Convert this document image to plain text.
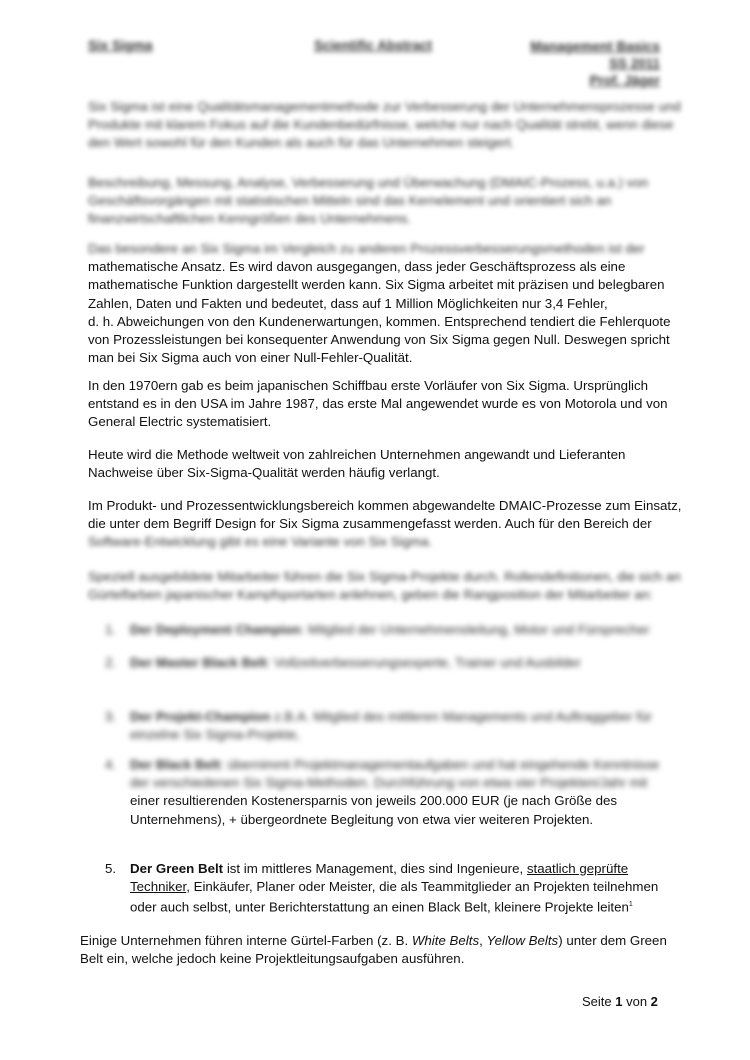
Six Sigma	Scientific Abstract	Management Basics
SS 2011
Prof. Jäger
Six Sigma ist eine Qualitätsmanagementmethode zur Verbesserung der Unternehmensprozesse und
Produkte mit klarem Fokus auf die Kundenbedürfnisse, welche nur nach Qualität strebt, wenn diese
den Wert sowohl für den Kunden als auch für das Unternehmen steigert.
Beschreibung, Messung, Analyse, Verbesserung und Überwachung (DMAIC-Prozess, u.a.) von
Geschäftsvorgängen mit statistischen Mitteln sind das Kernelement und orientiert sich an
finanzwirtschaftlichen Kenngrößen des Unternehmens.
Das besondere an Six Sigma im Vergleich zu anderen Prozessverbesserungsmethoden ist der
mathematische Ansatz. Es wird davon ausgegangen, dass jeder Geschäftsprozess als eine
mathematische Funktion dargestellt werden kann. Six Sigma arbeitet mit präzisen und belegbaren
Zahlen, Daten und Fakten und bedeutet, dass auf 1 Million Möglichkeiten nur 3,4 Fehler,
d. h. Abweichungen von den Kundenerwartungen, kommen. Entsprechend tendiert die Fehlerquote
von Prozessleistungen bei konsequenter Anwendung von Six Sigma gegen Null. Deswegen spricht
man bei Six Sigma auch von einer Null-Fehler-Qualität.
In den 1970ern gab es beim japanischen Schiffbau erste Vorläufer von Six Sigma. Ursprünglich
entstand es in den USA im Jahre 1987, das erste Mal angewendet wurde es von Motorola und von
General Electric systematisiert.
Heute wird die Methode weltweit von zahlreichen Unternehmen angewandt und Lieferanten
Nachweise über Six-Sigma-Qualität werden häufig verlangt.
Im Produkt- und Prozessentwicklungsbereich kommen abgewandelte DMAIC-Prozesse zum Einsatz,
die unter dem Begriff Design for Six Sigma zusammengefasst werden. Auch für den Bereich der
Software-Entwicklung gibt es eine Variante von Six Sigma.
Speziell ausgebildete Mitarbeiter führen die Six Sigma-Projekte durch. Rollendefinitionen, die sich an
Gürtelfarben japanischer Kampfsportarten anlehnen, geben die Rangposition der Mitarbeiter an:
1.	Der Deployment Champion: Mitglied der Unternehmensleitung, Motor und Fürsprecher
2.	Der Master Black Belt: Vollzeitverbesserungsexperte, Trainer und Ausbilder
3.	Der Projekt-Champion z.B.A. Mitglied des mittleren Managements und Auftraggeber für
einzelne Six Sigma-Projekte,
4.	Der Black Belt: übernimmt Projektmanagementaufgaben und hat eingehende Kenntnisse
der verschiedenen Six Sigma-Methoden. Durchführung von etwa vier Projekten/Jahr mit
einer resultierenden Kostenersparnis von jeweils 200.000 EUR (je nach Größe des
Unternehmens), + übergeordnete Begleitung von etwa vier weiteren Projekten.
5.	Der Green Belt ist im mittleres Management, dies sind Ingenieure, staatlich geprüfte
Techniker, Einkäufer, Planer oder Meister, die als Teammitglieder an Projekten teilnehmen
oder auch selbst, unter Berichterstattung an einen Black Belt, kleinere Projekte leiten$^1$
Einige Unternehmen führen interne Gürtel-Farben (z. B. White Belts, Yellow Belts) unter dem Green
Belt ein, welche jedoch keine Projektleitungsaufgaben ausführen.
Seite 1 von 2
